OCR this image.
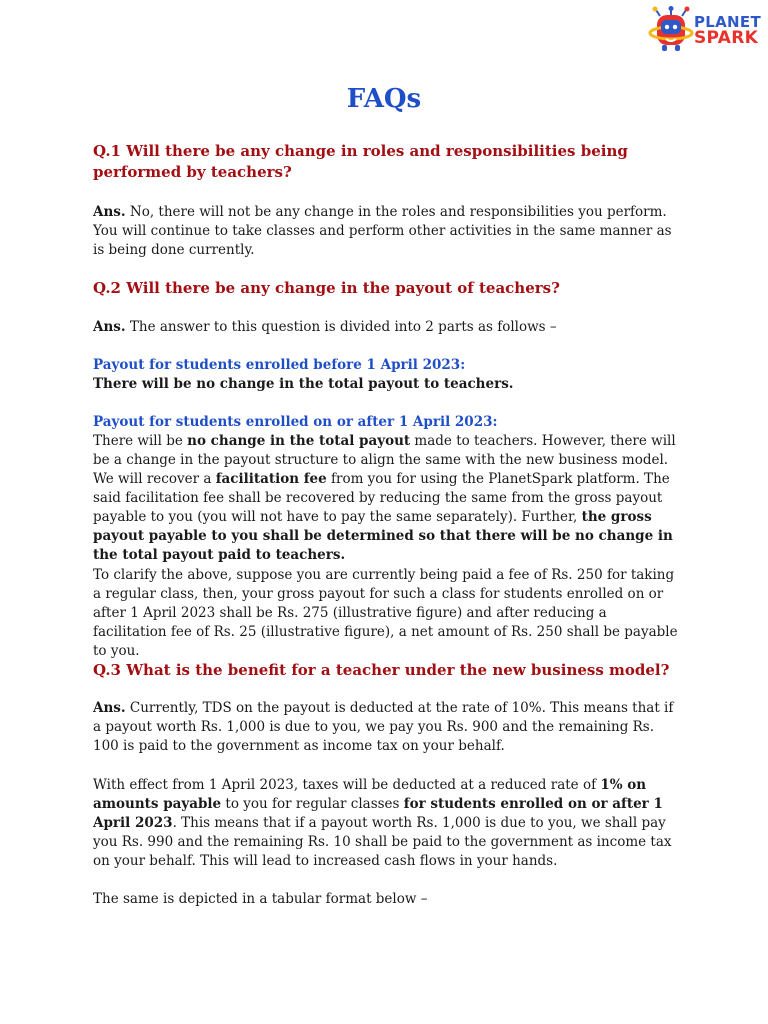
PLANET
SPARK
FAQs

Q.1 Will there be any change in roles and responsibilities being performed by teachers?

Ans. No, there will not be any change in the roles and responsibilities you perform. You will continue to take classes and perform other activities in the same manner as is being done currently.

Q.2 Will there be any change in the payout of teachers?

Ans. The answer to this question is divided into 2 parts as follows –

Payout for students enrolled before 1 April 2023:
There will be no change in the total payout to teachers.

Payout for students enrolled on or after 1 April 2023:
There will be no change in the total payout made to teachers. However, there will be a change in the payout structure to align the same with the new business model. We will recover a facilitation fee from you for using the PlanetSpark platform. The said facilitation fee shall be recovered by reducing the same from the gross payout payable to you (you will not have to pay the same separately). Further, the gross payout payable to you shall be determined so that there will be no change in the total payout paid to teachers.

To clarify the above, suppose you are currently being paid a fee of Rs. 250 for taking a regular class, then, your gross payout for such a class for students enrolled on or after 1 April 2023 shall be Rs. 275 (illustrative figure) and after reducing a facilitation fee of Rs. 25 (illustrative figure), a net amount of Rs. 250 shall be payable to you.

Q.3 What is the benefit for a teacher under the new business model?

Ans. Currently, TDS on the payout is deducted at the rate of 10%. This means that if a payout worth Rs. 1,000 is due to you, we pay you Rs. 900 and the remaining Rs. 100 is paid to the government as income tax on your behalf.

With effect from 1 April 2023, taxes will be deducted at a reduced rate of 1% on amounts payable to you for regular classes for students enrolled on or after 1 April 2023. This means that if a payout worth Rs. 1,000 is due to you, we shall pay you Rs. 990 and the remaining Rs. 10 shall be paid to the government as income tax on your behalf. This will lead to increased cash flows in your hands.

The same is depicted in a tabular format below –
